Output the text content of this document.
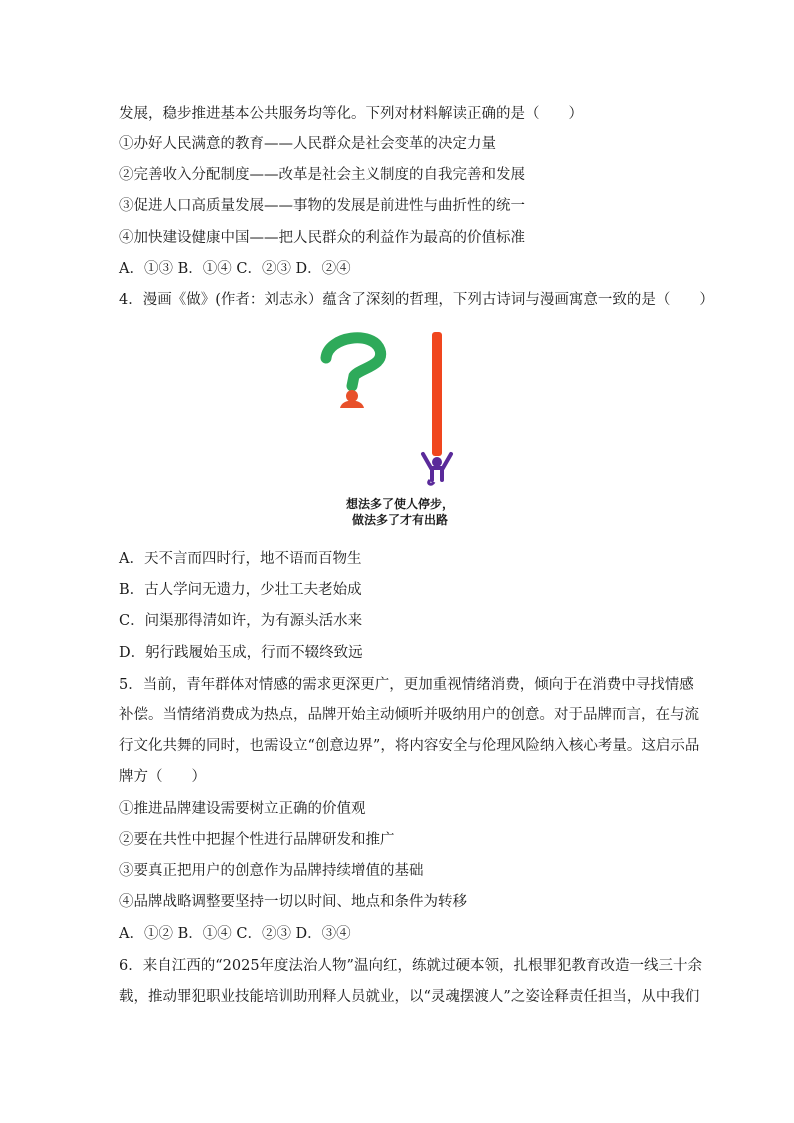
发展，稳步推进基本公共服务均等化。下列对材料解读正确的是（　　）
①办好人民满意的教育——人民群众是社会变革的决定力量
②完善收入分配制度——改革是社会主义制度的自我完善和发展
③促进人口高质量发展——事物的发展是前进性与曲折性的统一
④加快建设健康中国——把人民群众的利益作为最高的价值标准
A．①③ B．①④ C．②③ D．②④
4．漫画《做》(作者：刘志永）蕴含了深刻的哲理，下列古诗词与漫画寓意一致的是（　　）
想法多了使人停步，
做法多了才有出路
A．天不言而四时行，地不语而百物生
B．古人学问无遗力，少壮工夫老始成
C．问渠那得清如许，为有源头活水来
D．躬行践履始玉成，行而不辍终致远
5．当前，青年群体对情感的需求更深更广，更加重视情绪消费，倾向于在消费中寻找情感
补偿。当情绪消费成为热点，品牌开始主动倾听并吸纳用户的创意。对于品牌而言，在与流
行文化共舞的同时，也需设立“创意边界”，将内容安全与伦理风险纳入核心考量。这启示品
牌方（　　）
①推进品牌建设需要树立正确的价值观
②要在共性中把握个性进行品牌研发和推广
③要真正把用户的创意作为品牌持续增值的基础
④品牌战略调整要坚持一切以时间、地点和条件为转移
A．①② B．①④ C．②③ D．③④
6．来自江西的“2025年度法治人物”温向红，练就过硬本领，扎根罪犯教育改造一线三十余
载，推动罪犯职业技能培训助刑释人员就业，以“灵魂摆渡人”之姿诠释责任担当，从中我们
